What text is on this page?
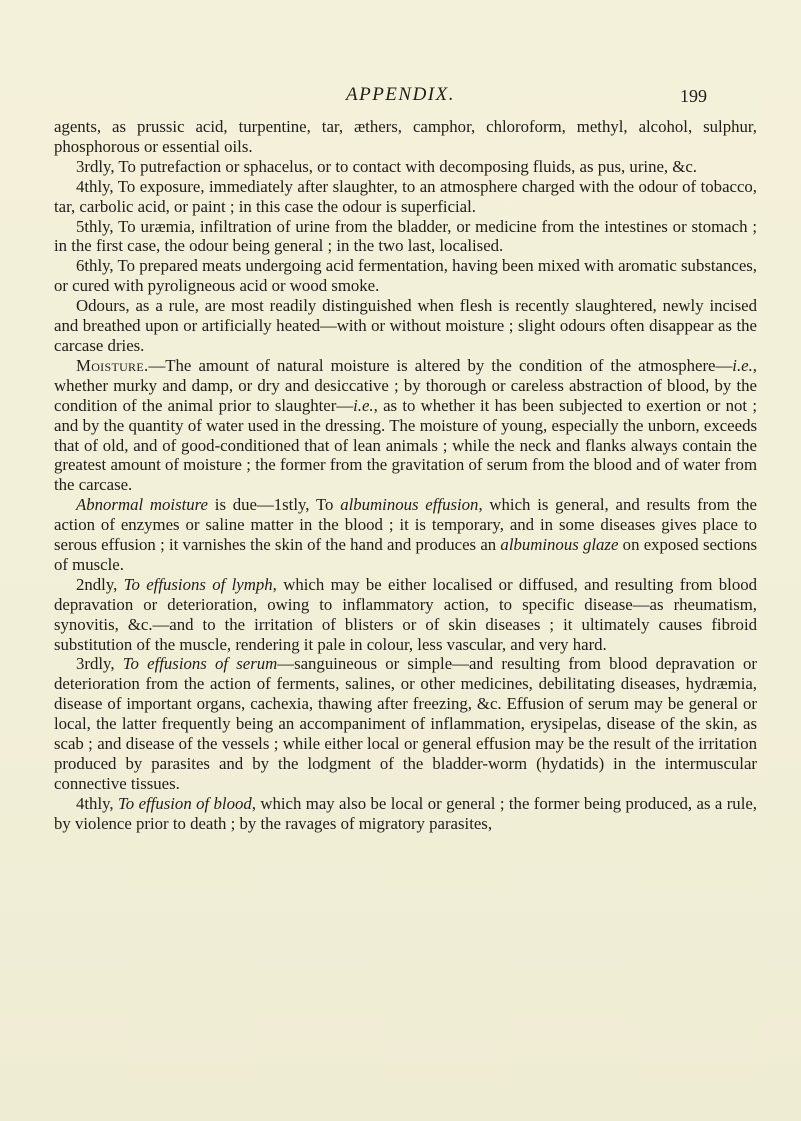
APPENDIX.	199

agents, as prussic acid, turpentine, tar, æthers, camphor, chloroform, methyl, alcohol, sulphur, phosphorous or essential oils.

3rdly, To putrefaction or sphacelus, or to contact with decomposing fluids, as pus, urine, &c.

4thly, To exposure, immediately after slaughter, to an atmosphere charged with the odour of tobacco, tar, carbolic acid, or paint ; in this case the odour is superficial.

5thly, To uræmia, infiltration of urine from the bladder, or medicine from the intestines or stomach ; in the first case, the odour being general ; in the two last, localised.

6thly, To prepared meats undergoing acid fermentation, having been mixed with aromatic substances, or cured with pyroligneous acid or wood smoke.

Odours, as a rule, are most readily distinguished when flesh is recently slaughtered, newly incised and breathed upon or artificially heated—with or without moisture ; slight odours often disappear as the carcase dries.

Moisture.—The amount of natural moisture is altered by the condition of the atmosphere—i.e., whether murky and damp, or dry and desiccative ; by thorough or careless abstraction of blood, by the condition of the animal prior to slaughter—i.e., as to whether it has been subjected to exertion or not ; and by the quantity of water used in the dressing. The moisture of young, especially the unborn, exceeds that of old, and of good-conditioned that of lean animals ; while the neck and flanks always contain the greatest amount of moisture ; the former from the gravitation of serum from the blood and of water from the carcase.

Abnormal moisture is due—1stly, To albuminous effusion, which is general, and results from the action of enzymes or saline matter in the blood ; it is temporary, and in some diseases gives place to serous effusion ; it varnishes the skin of the hand and produces an albuminous glaze on exposed sections of muscle.

2ndly, To effusions of lymph, which may be either localised or diffused, and resulting from blood depravation or deterioration, owing to inflammatory action, to specific disease—as rheumatism, synovitis, &c.—and to the irritation of blisters or of skin diseases ; it ultimately causes fibroid substitution of the muscle, rendering it pale in colour, less vascular, and very hard.

3rdly, To effusions of serum—sanguineous or simple—and resulting from blood depravation or deterioration from the action of ferments, salines, or other medicines, debilitating diseases, hydræmia, disease of important organs, cachexia, thawing after freezing, &c. Effusion of serum may be general or local, the latter frequently being an accompaniment of inflammation, erysipelas, disease of the skin, as scab ; and disease of the vessels ; while either local or general effusion may be the result of the irritation produced by parasites and by the lodgment of the bladder-worm (hydatids) in the intermuscular connective tissues.

4thly, To effusion of blood, which may also be local or general ; the former being produced, as a rule, by violence prior to death ; by the ravages of migratory parasites,
